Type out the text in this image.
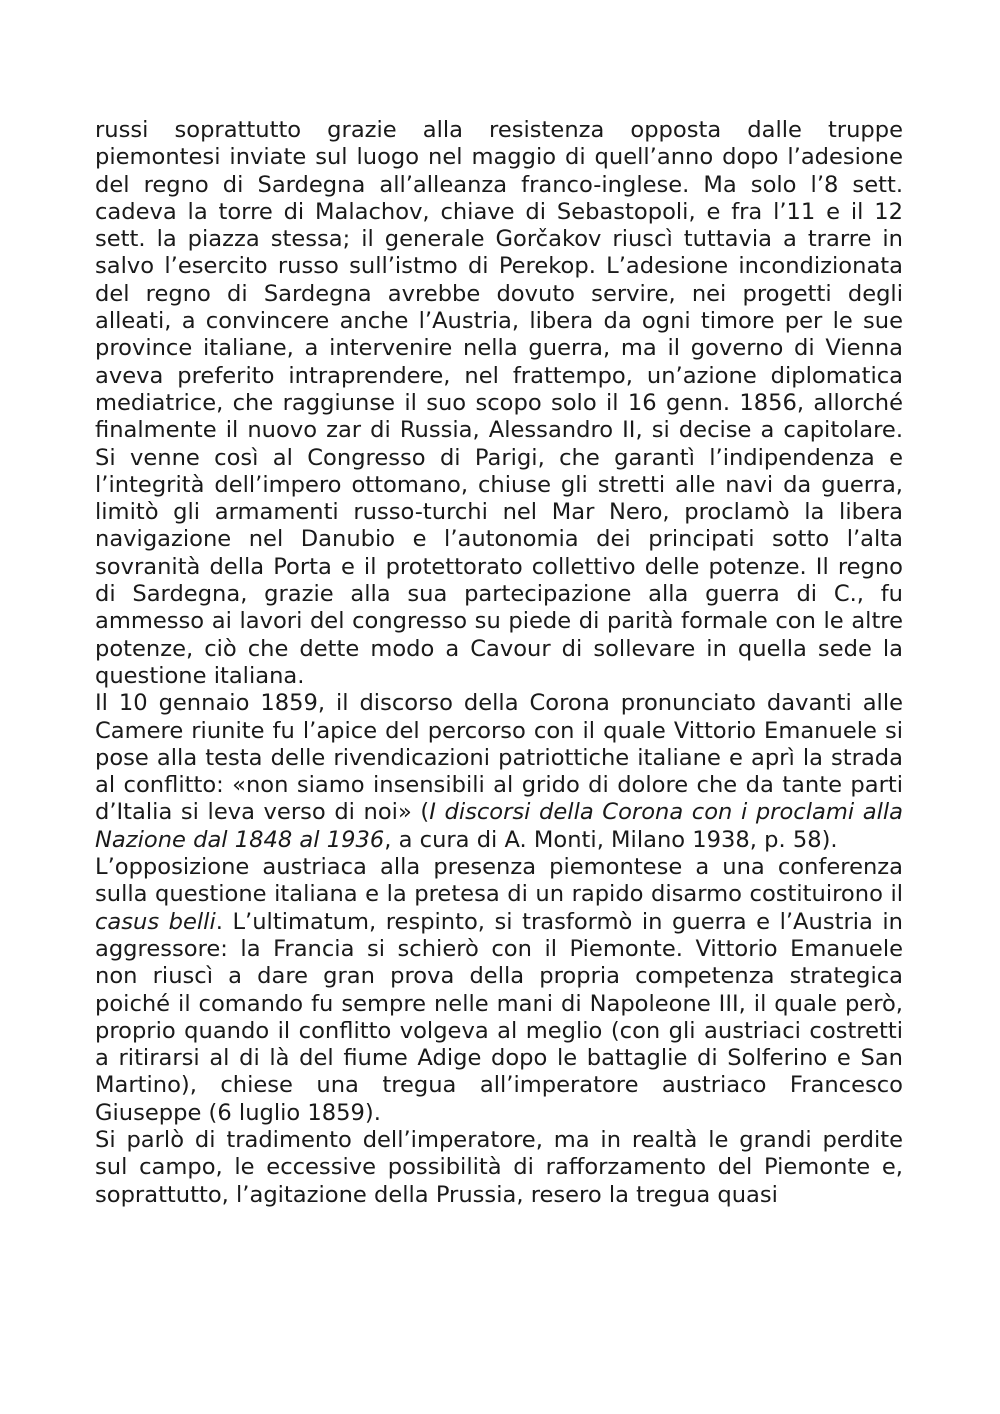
russi soprattutto grazie alla resistenza opposta dalle truppe piemontesi inviate sul luogo nel maggio di quell’anno dopo l’adesione del regno di Sardegna all’alleanza franco-inglese. Ma solo l’8 sett. cadeva la torre di Malachov, chiave di Sebastopoli, e fra l’11 e il 12 sett. la piazza stessa; il generale Gorčakov riuscì tuttavia a trarre in salvo l’esercito russo sull’istmo di Perekop. L’adesione incondizionata del regno di Sardegna avrebbe dovuto servire, nei progetti degli alleati, a convincere anche l’Austria, libera da ogni timore per le sue province italiane, a intervenire nella guerra, ma il governo di Vienna aveva preferito intraprendere, nel frattempo, un’azione diplomatica mediatrice, che raggiunse il suo scopo solo il 16 genn. 1856, allorché finalmente il nuovo zar di Russia, Alessandro II, si decise a capitolare. Si venne così al Congresso di Parigi, che garantì l’indipendenza e l’integrità dell’impero ottomano, chiuse gli stretti alle navi da guerra, limitò gli armamenti russo-turchi nel Mar Nero, proclamò la libera navigazione nel Danubio e l’autonomia dei principati sotto l’alta sovranità della Porta e il protettorato collettivo delle potenze. Il regno di Sardegna, grazie alla sua partecipazione alla guerra di C., fu ammesso ai lavori del congresso su piede di parità formale con le altre potenze, ciò che dette modo a Cavour di sollevare in quella sede la questione italiana.

Il 10 gennaio 1859, il discorso della Corona pronunciato davanti alle Camere riunite fu l’apice del percorso con il quale Vittorio Emanuele si pose alla testa delle rivendicazioni patriottiche italiane e aprì la strada al conflitto: «non siamo insensibili al grido di dolore che da tante parti d’Italia si leva verso di noi» (I discorsi della Corona con i proclami alla Nazione dal 1848 al 1936, a cura di A. Monti, Milano 1938, p. 58).

L’opposizione austriaca alla presenza piemontese a una conferenza sulla questione italiana e la pretesa di un rapido disarmo costituirono il casus belli. L’ultimatum, respinto, si trasformò in guerra e l’Austria in aggressore: la Francia si schierò con il Piemonte. Vittorio Emanuele non riuscì a dare gran prova della propria competenza strategica poiché il comando fu sempre nelle mani di Napoleone III, il quale però, proprio quando il conflitto volgeva al meglio (con gli austriaci costretti a ritirarsi al di là del fiume Adige dopo le battaglie di Solferino e San Martino), chiese una tregua all’imperatore austriaco Francesco Giuseppe (6 luglio 1859).

Si parlò di tradimento dell’imperatore, ma in realtà le grandi perdite sul campo, le eccessive possibilità di rafforzamento del Piemonte e, soprattutto, l’agitazione della Prussia, resero la tregua quasi
